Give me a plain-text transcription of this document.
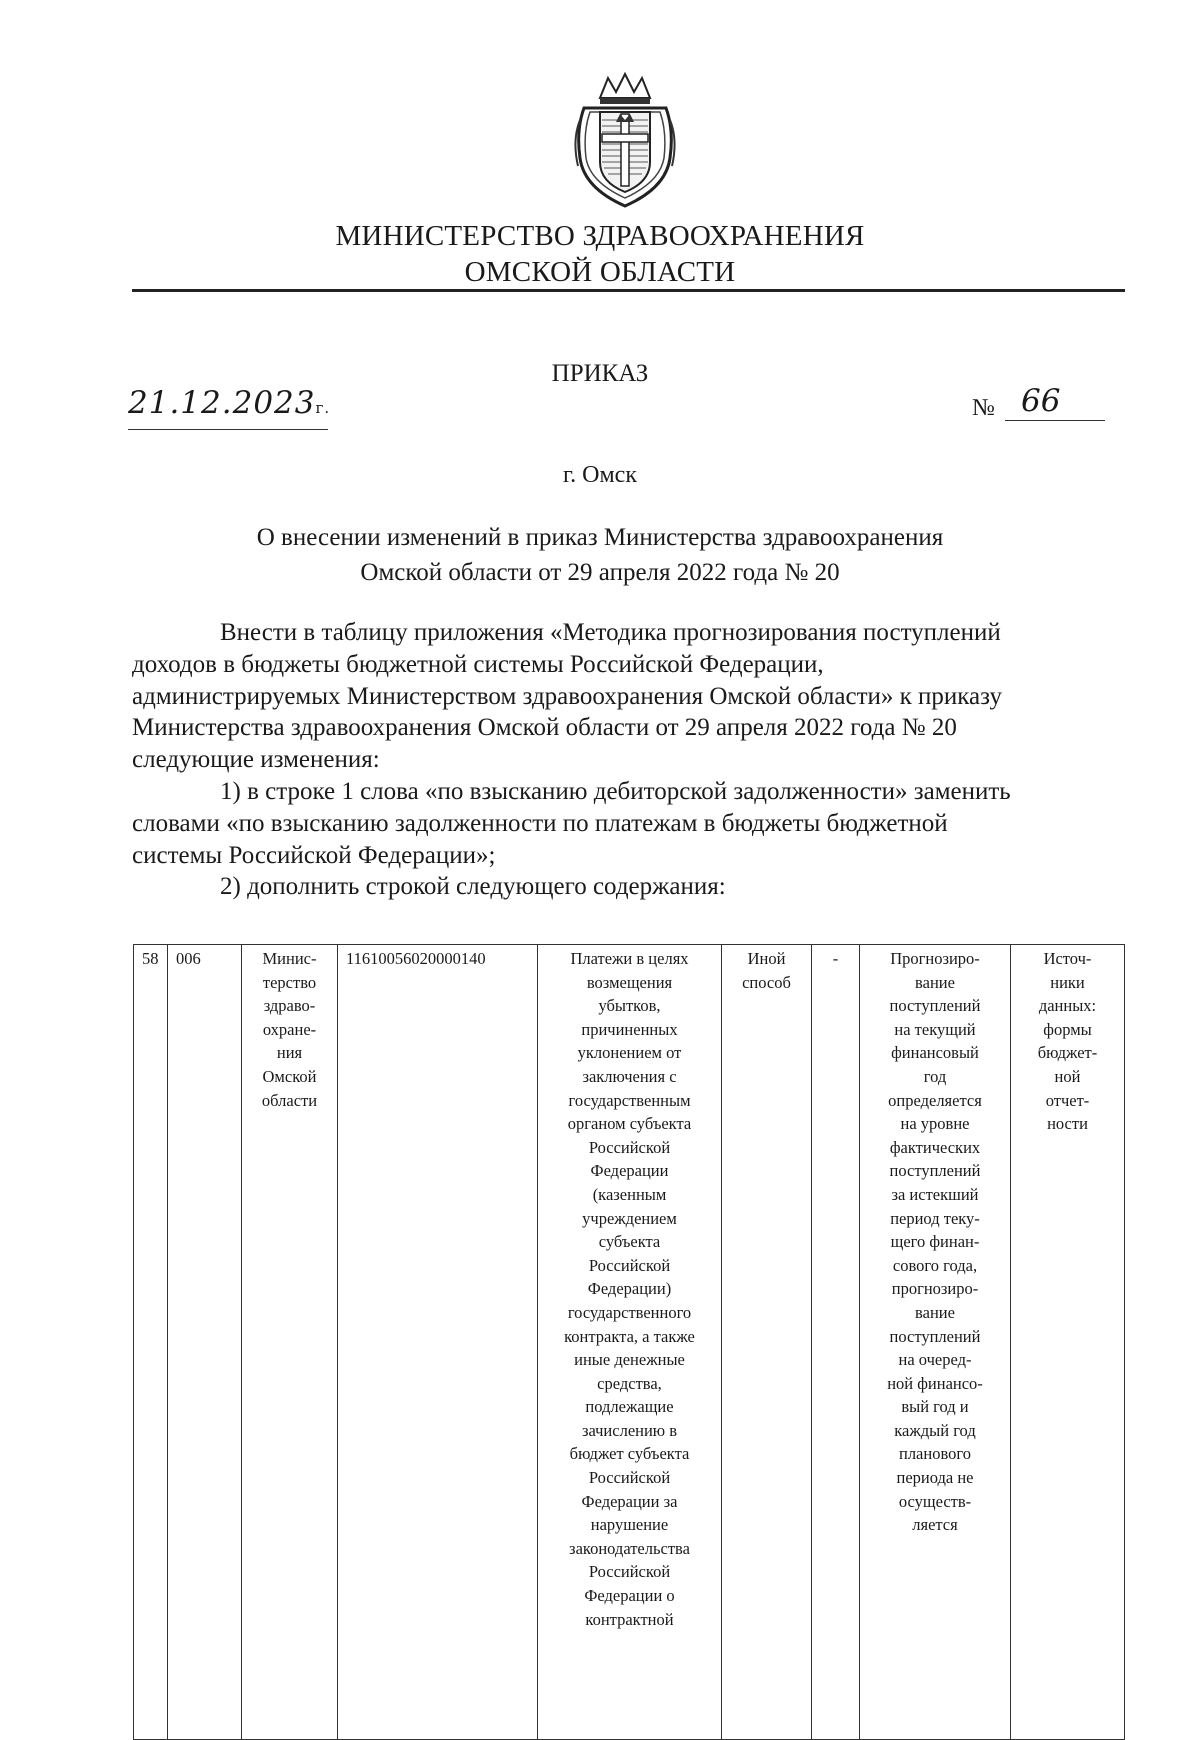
МИНИСТЕРСТВО ЗДРАВООХРАНЕНИЯ
ОМСКОЙ ОБЛАСТИ
ПРИКАЗ
21.12.2023г.	№ 66
г. Омск
О внесении изменений в приказ Министерства здравоохранения
Омской области от 29 апреля 2022 года № 20

Внести в таблицу приложения «Методика прогнозирования поступлений

доходов в бюджеты бюджетной системы Российской Федерации,

администрируемых Министерством здравоохранения Омской области» к приказу

Министерства здравоохранения Омской области от 29 апреля 2022 года № 20

следующие изменения:

1) в строке 1 слова «по взысканию дебиторской задолженности» заменить

словами «по взысканию задолженности по платежам в бюджеты бюджетной

системы Российской Федерации»;

2) дополнить строкой следующего содержания:

58	006	Минис-
терство
здраво-
охране-
ния
Омской
области	11610056020000140	Платежи в целях
возмещения
убытков,
причиненных
уклонением от
заключения с
государственным
органом субъекта
Российской
Федерации
(казенным
учреждением
субъекта
Российской
Федерации)
государственного
контракта, а также
иные денежные
средства,
подлежащие
зачислению в
бюджет субъекта
Российской
Федерации за
нарушение
законодательства
Российской
Федерации о
контрактной	Иной
способ	-	Прогнозиро-
вание
поступлений
на текущий
финансовый
год
определяется
на уровне
фактических
поступлений
за истекший
период теку-
щего финан-
сового года,
прогнозиро-
вание
поступлений
на очеред-
ной финансо-
вый год и
каждый год
планового
периода не
осуществ-
ляется	Источ-
ники
данных:
формы
бюджет-
ной
отчет-
ности
